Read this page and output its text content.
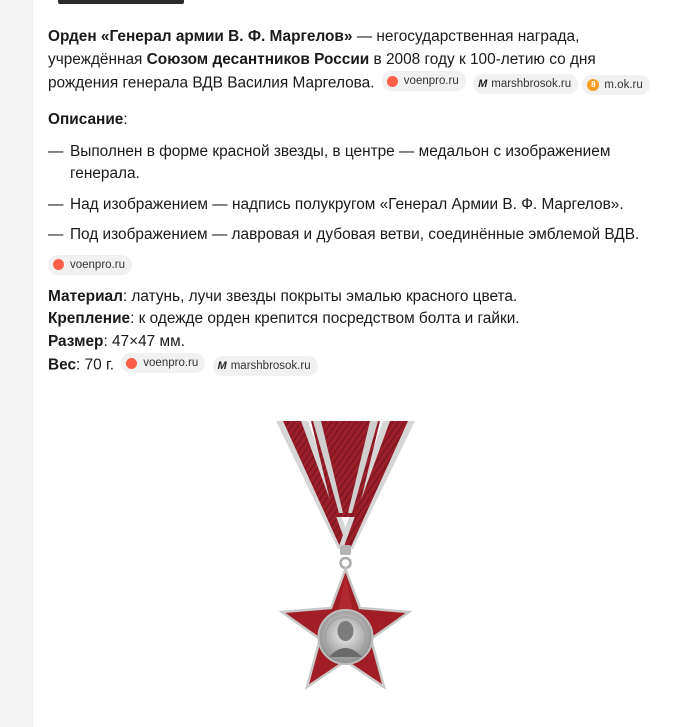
Орден «Генерал армии В. Ф. Маргелов» — негосударственная награда, учреждённая Союзом десантников России в 2008 году к 100-летию со дня рождения генерала ВДВ Василия Маргелова.	voenpro.ru
M marshbrosok.ru
	8 m.ok.ru

Описание:

— Выполнен в форме красной звезды, в центре — медальон с изображением генерала.
— Над изображением — надпись полукругом «Генерал Армии В. Ф. Маргелов».
— Под изображением — лавровая и дубовая ветви, соединённые эмблемой ВДВ.
voenpro.ru

Материал: латунь, лучи звезды покрыты эмалью красного цвета.

Крепление: к одежде орден крепится посредством болта и гайки.

Размер: 47×47 мм.

Вес: 70 г.	voenpro.ru
M marshbrosok.ru
